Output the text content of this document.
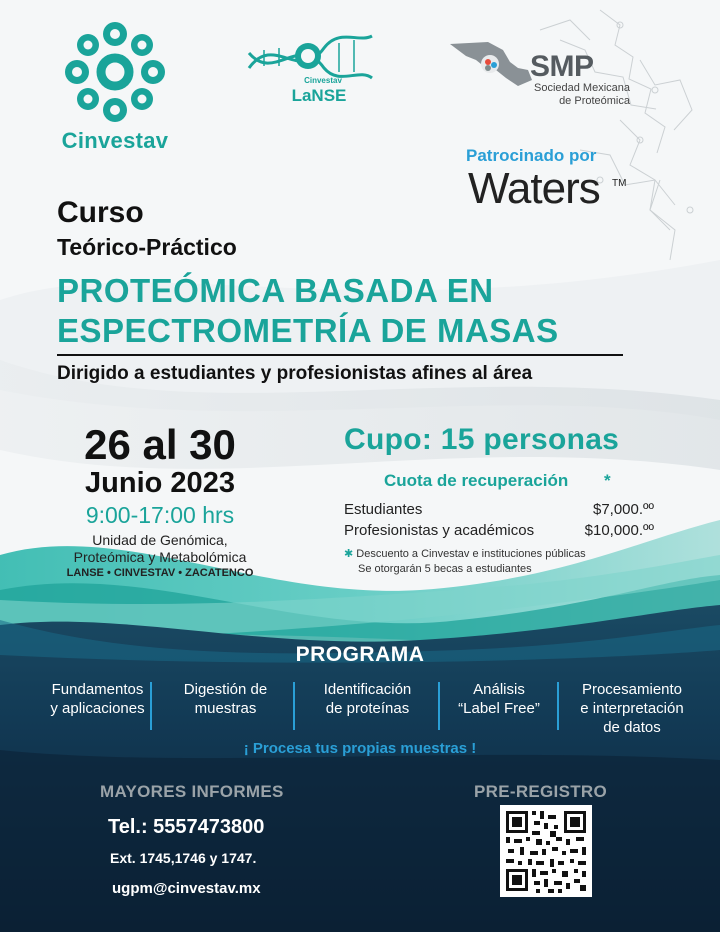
Cinvestav
Cinvestav
LaNSE
SMP
Sociedad Mexicana
de Proteómica
Patrocinado por
Waters TM
Curso
Teórico-Práctico
PROTEÓMICA BASADA EN
ESPECTROMETRÍA DE MASAS
Dirigido a estudiantes y profesionistas afines al área
26 al 30
Junio 2023
9:00-17:00 hrs
Unidad de Genómica,
Proteómica y Metabolómica
LANSE • CINVESTAV • ZACATENCO
Cupo: 15 personas
Cuota de recuperación *
Estudiantes	$7,000.ºº
Profesionistas y académicos	$10,000.ºº
✱ Descuento a Cinvestav e instituciones públicas
Se otorgarán 5 becas a estudiantes
PROGRAMA
Fundamentos
y aplicaciones
Digestión de
muestras
Identificación
de proteínas
Análisis
“Label Free”
Procesamiento
e interpretación
de datos
¡ Procesa tus propias muestras !
MAYORES INFORMES
Tel.: 5557473800
Ext. 1745,1746 y 1747.
ugpm@cinvestav.mx
PRE-REGISTRO
